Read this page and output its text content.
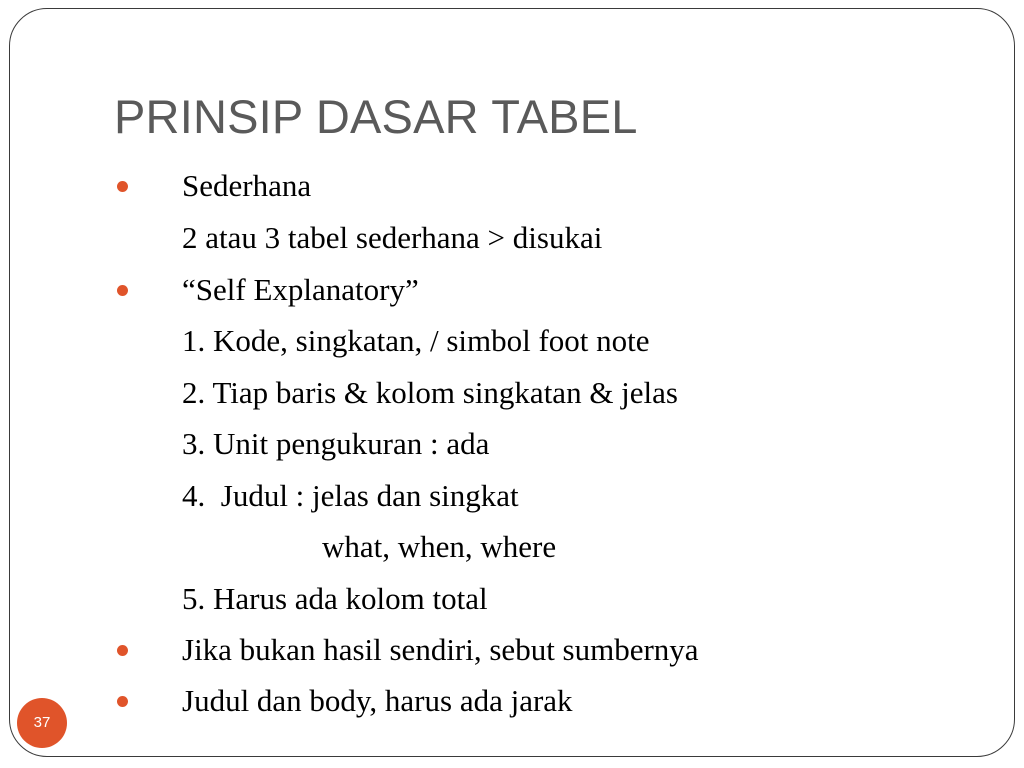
PRINSIP DASAR TABEL
Sederhana
2 atau 3 tabel sederhana > disukai
“Self Explanatory”
1. Kode, singkatan, / simbol foot note
2. Tiap baris & kolom singkatan & jelas
3. Unit pengukuran : ada
4.  Judul : jelas dan singkat
what, when, where
5. Harus ada kolom total
Jika bukan hasil sendiri, sebut sumbernya
Judul dan body, harus ada jarak
37
